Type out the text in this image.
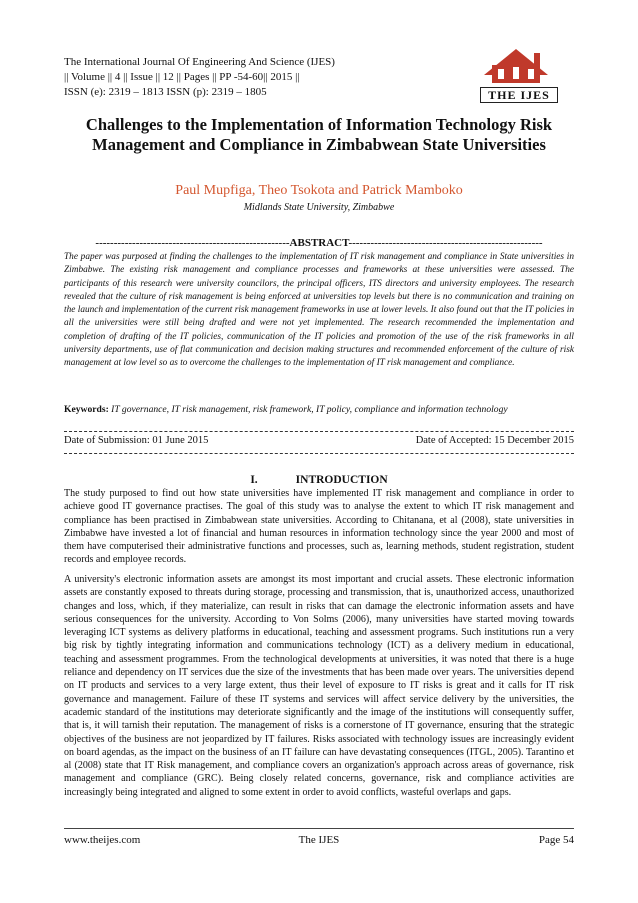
The International Journal Of Engineering And Science (IJES)
|| Volume || 4 || Issue || 12 || Pages || PP -54-60|| 2015 ||
ISSN (e): 2319 – 1813 ISSN (p): 2319 – 1805	THE IJES
Challenges to the Implementation of Information Technology Risk Management and Compliance in Zimbabwean State Universities
Paul Mupfiga, Theo Tsokota and Patrick Mamboko
Midlands State University, Zimbabwe
-----------------------------------------------------ABSTRACT-----------------------------------------------------
The paper was purposed at finding the challenges to the implementation of IT risk management and compliance in State universities in Zimbabwe. The existing risk management and compliance processes and frameworks at these universities were assessed. The participants of this research were university councilors, the principal officers, ITS directors and university employees. The research revealed that the culture of risk management is being enforced at universities top levels but there is no communication and training on the launch and implementation of the current risk management frameworks in use at lower levels. It also found out that the IT policies in all the universities were still being drafted and were not yet implemented. The research recommended the implementation and completion of drafting of the IT policies, communication of the IT policies and promotion of the use of the risk frameworks in all university departments, use of flat communication and decision making structures and recommended enforcement of the culture of risk management at low level so as to overcome the challenges to the implementation of IT risk management and compliance.
Keywords: IT governance, IT risk management, risk framework, IT policy, compliance and information technology
Date of Submission: 01 June 2015	Date of Accepted: 15 December 2015
I.	INTRODUCTION
The study purposed to find out how state universities have implemented IT risk management and compliance in order to achieve good IT governance practises. The goal of this study was to analyse the extent to which IT risk management and compliance has been practised in Zimbabwean state universities. According to Chitanana, et al (2008), state universities in Zimbabwe have invested a lot of financial and human resources in information technology since the year 2000 and most of them have computerised their administrative functions and processes, such as, learning methods, student registration, student records and employee records.
A university's electronic information assets are amongst its most important and crucial assets. These electronic information assets are constantly exposed to threats during storage, processing and transmission, that is, unauthorized access, unauthorized changes and loss, which, if they materialize, can result in risks that can damage the electronic information assets and have serious consequences for the university. According to Von Solms (2006), many universities have started moving towards leveraging ICT systems as delivery platforms in educational, teaching and assessment programs. Such institutions run a very big risk by tightly integrating information and communications technology (ICT) as a delivery medium in educational, teaching and assessment programmes. From the technological developments at universities, it was noted that there is a huge reliance and dependency on IT services due the size of the investments that has been made over years. The universities depend on IT products and services to a very large extent, thus their level of exposure to IT risks is great and it calls for IT risk governance and management. Failure of these IT systems and services will affect service delivery by the universities, the academic standard of the institutions may deteriorate significantly and the image of the institutions will consequently suffer, that is, it will tarnish their reputation. The management of risks is a cornerstone of IT governance, ensuring that the strategic objectives of the business are not jeopardized by IT failures. Risks associated with technology issues are increasingly evident on board agendas, as the impact on the business of an IT failure can have devastating consequences (ITGL, 2005). Tarantino et al (2008) state that IT Risk management, and compliance covers an organization's approach across areas of governance, risk management and compliance (GRC). Being closely related concerns, governance, risk and compliance activities are increasingly being integrated and aligned to some extent in order to avoid conflicts, wasteful overlaps and gaps.
www.theijes.com	The IJES	Page 54
